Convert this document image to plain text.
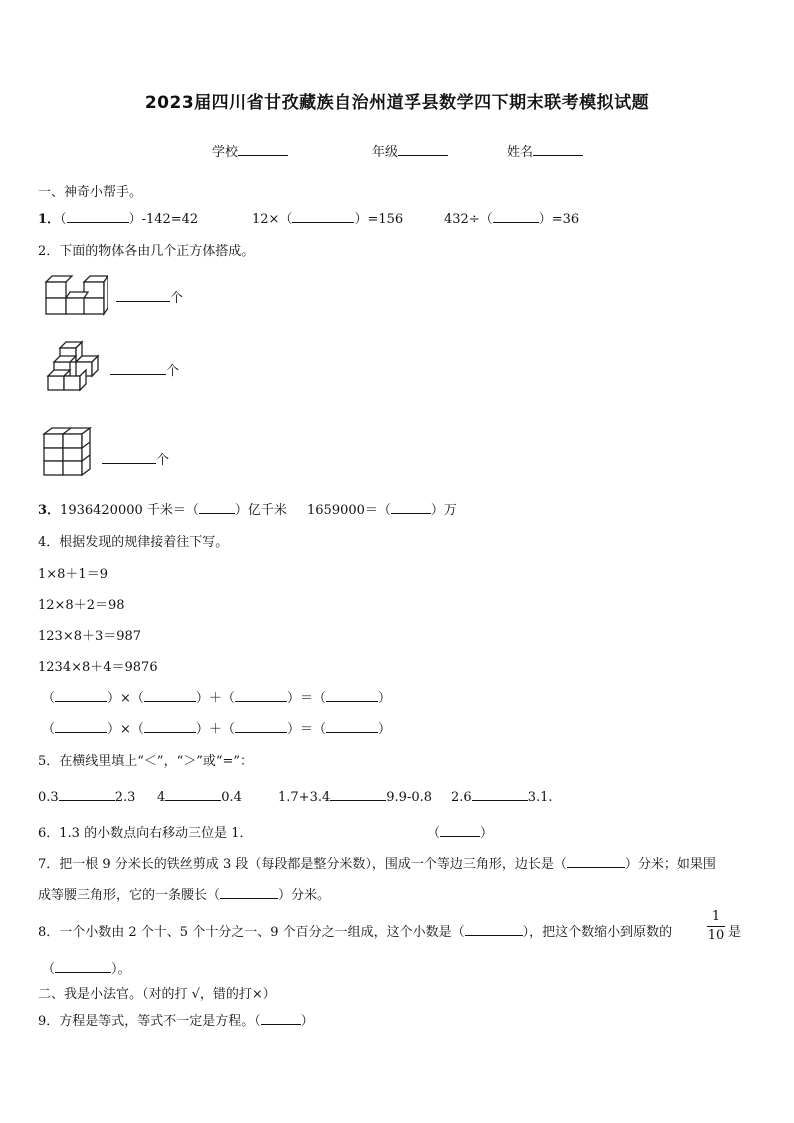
2023届四川省甘孜藏族自治州道孚县数学四下期末联考模拟试题
学校	年级	姓名
一、神奇小帮手。
1．（	）-142=42	12×（	）=156	432÷（	）=36
2．下面的物体各由几个正方体搭成。
个
个
个
3．1936420000 千米＝（	）亿千米 1659000＝（	）万
4．根据发现的规律接着往下写。
1×8＋1＝9
12×8＋2＝98
123×8＋3＝987
1234×8＋4＝9876
（	）×（	）＋（	）＝（	）
（	）×（	）＋（	）＝（	）
5．在横线里填上“＜”，“＞”或“=”：
0.3	2.3 4	0.4	1.7+3.4	9.9-0.8 2.6	3.1.
6．1.3 的小数点向右移动三位是 1．	（	）
7．把一根 9 分米长的铁丝剪成 3 段（每段都是整分米数），围成一个等边三角形，边长是（	）分米；如果围
成等腰三角形，它的一条腰长（	）分米。
8．一个小数由 2 个十、5 个十分之一、9 个百分之一组成，这个小数是（	），把这个数缩小到原数的
1
10 是
（	）。
二、我是小法官。（对的打 √，错的打×）
9．方程是等式，等式不一定是方程。（	）
